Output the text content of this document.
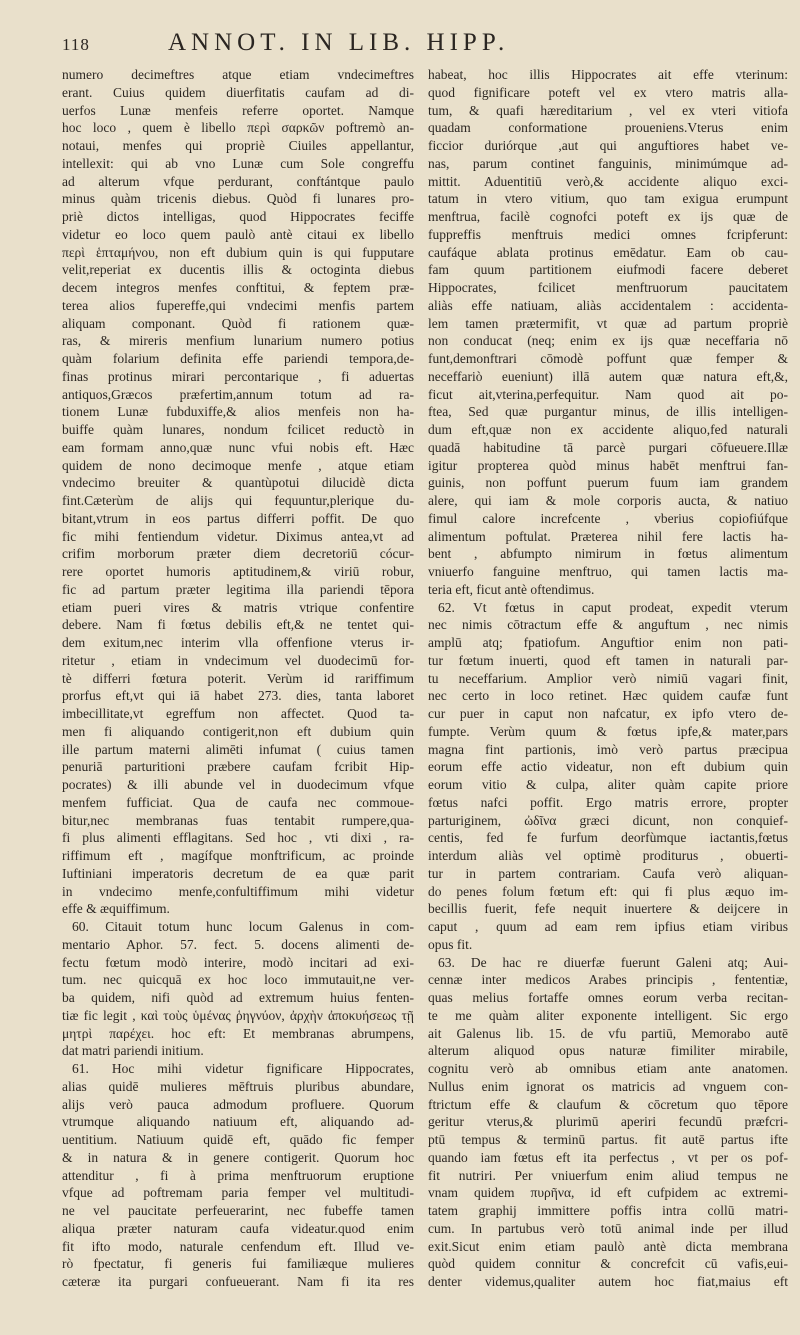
118	ANNOT. IN LIB. HIPP.
numero decimeftres atque etiam vndecimeftres
erant. Cuius quidem diuerfitatis caufam ad di-
uerfos Lunæ menfeis referre oportet. Namque
hoc loco , quem è libello περὶ σαρκῶν poftremò an-
notaui, menfes qui propriè Ciuiles appellantur,
intellexit: qui ab vno Lunæ cum Sole congreffu
ad alterum vfque perdurant, conftántque paulo
minus quàm tricenis diebus. Quòd fi lunares pro-
priè dictos intelligas, quod Hippocrates feciffe
videtur eo loco quem paulò antè citaui ex libello
περὶ ἑπταμήνου, non eft dubium quin is qui fupputare
velit,reperiat ex ducentis illis & octoginta diebus
decem integros menfes conftitui, & feptem præ-
terea alios fupereffe,qui vndecimi menfis partem
aliquam componant. Quòd fi rationem quæ-
ras, & mireris menfium lunarium numero potius
quàm folarium definita effe pariendi tempora,de-
finas protinus mirari percontarique , fi aduertas
antiquos,Græcos præfertim,annum totum ad ra-
tionem Lunæ fubduxiffe,& alios menfeis non ha-
buiffe quàm lunares, nondum fcilicet reductò in
eam formam anno,quæ nunc vfui nobis eft. Hæc
quidem de nono decimoque menfe , atque etiam
vndecimo breuiter & quantùpotui dilucidè dicta
fint.Cæterùm de alijs qui fequuntur,plerique du-
bitant,vtrum in eos partus differri poffit. De quo
fic mihi fentiendum videtur. Diximus antea,vt ad
crifim morborum præter diem decretoriū cócur-
rere oportet humoris aptitudinem,& viriū robur,
fic ad partum præter legitima illa pariendi tēpora
etiam pueri vires & matris vtrique confentire
debere. Nam fi fœtus debilis eft,& ne tentet qui-
dem exitum,nec interim vlla offenfione vterus ir-
ritetur , etiam in vndecimum vel duodecimū for-
tè differri fœtura poterit. Verùm id rariffimum
prorfus eft,vt qui iā habet 273. dies, tanta laboret
imbecillitate,vt egreffum non affectet. Quod ta-
men fi aliquando contigerit,non eft dubium quin
ille partum materni alimēti infumat ( cuius tamen
penuriā parturitioni præbere caufam fcribit Hip-
pocrates) & illi abunde vel in duodecimum vfque
menfem fufficiat. Qua de caufa nec commoue-
bitur,nec membranas fuas tentabit rumpere,qua-
fi plus alimenti efflagitans. Sed hoc , vti dixi , ra-
riffimum eft , magífque monftrificum, ac proinde
Iuftiniani imperatoris decretum de ea quæ parit
in vndecimo menfe,confultiffimum mihi videtur
effe & æquiffimum.
60. Citauit totum hunc locum Galenus in com-
mentario Aphor. 57. fect. 5. docens alimenti de-
fectu fœtum modò interire, modò incitari ad exi-
tum. nec quicquā ex hoc loco immutauit,ne ver-
ba quidem, nifi quòd ad extremum huius fenten-
tiæ fic legit , καὶ τοὺς ὑμένας ῥηγνύον, ἀρχὴν ἀποκυήσεως τῇ
μητρὶ παρέχει. hoc eft: Et membranas abrumpens,
dat matri pariendi initium.
61. Hoc mihi videtur fignificare Hippocrates,
alias quidē mulieres mēftruis pluribus abundare,
alijs verò pauca admodum profluere. Quorum
vtrumque aliquando natiuum eft, aliquando ad-
uentitium. Natiuum quidē eft, quādo fic femper
& in natura & in genere contigerit. Quorum hoc
attenditur , fi à prima menftruorum eruptione
vfque ad poftremam paria femper vel multitudi-
ne vel paucitate perfeuerarint, nec fubeffe tamen
aliqua præter naturam caufa videatur.quod enim
fit ifto modo, naturale cenfendum eft. Illud ve-
rò fpectatur, fi generis fui familiæque mulieres
cæteræ ita purgari confueuerant. Nam fi ita res
habeat, hoc illis Hippocrates ait effe vterinum:
quod fignificare poteft vel ex vtero matris alla-
tum, & quafi hæreditarium , vel ex vteri vitiofa
quadam conformatione proueniens.Vterus enim
ficcior duriórque ,aut qui anguftiores habet ve-
nas, parum continet fanguinis, minimúmque ad-
mittit. Aduentitiū verò,& accidente aliquo exci-
tatum in vtero vitium, quo tam exigua erumpunt
menftrua, facilè cognofci poteft ex ijs quæ de
fuppreffis menftruis medici omnes fcripferunt:
caufáque ablata protinus emēdatur. Eam ob cau-
fam quum partitionem eiufmodi facere deberet
Hippocrates, fcilicet menftruorum paucitatem
aliàs effe natiuam, aliàs accidentalem : accidenta-
lem tamen prætermifit, vt quæ ad partum propriè
non conducat (neq; enim ex ijs quæ neceffaria nō
funt,demonftrari cōmodè poffunt quæ femper &
neceffariò eueniunt) illā autem quæ natura eft,&,
ficut ait,vterina,perfequitur. Nam quod ait po-
ftea, Sed quæ purgantur minus, de illis intelligen-
dum eft,quæ non ex accidente aliquo,fed naturali
quadā habitudine tā parcè purgari cōfueuere.Illæ
igitur propterea quòd minus habēt menftrui fan-
guinis, non poffunt puerum fuum iam grandem
alere, qui iam & mole corporis aucta, & natiuo
fimul calore increfcente , vberius copiofiúfque
alimentum poftulat. Præterea nihil fere lactis ha-
bent , abfumpto nimirum in fœtus alimentum
vniuerfo fanguine menftruo, qui tamen lactis ma-
teria eft, ficut antè oftendimus.
62. Vt fœtus in caput prodeat, expedit vterum
nec nimis cōtractum effe & anguftum , nec nimis
amplū atq; fpatiofum. Anguftior enim non pati-
tur fœtum inuerti, quod eft tamen in naturali par-
tu neceffarium. Amplior verò nimiū vagari finit,
nec certo in loco retinet. Hæc quidem caufæ funt
cur puer in caput non nafcatur, ex ipfo vtero de-
fumpte. Verùm quum & fœtus ipfe,& mater,pars
magna fint partionis, imò verò partus præcipua
eorum effe actio videatur, non eft dubium quin
eorum vitio & culpa, aliter quàm capite priore
fœtus nafci poffit. Ergo matris errore, propter
parturiginem, ὠδῖνα græci dicunt, non conquief-
centis, fed fe furfum deorfùmque iactantis,fœtus
interdum aliàs vel optimè proditurus , obuerti-
tur in partem contrariam. Caufa verò aliquan-
do penes folum fœtum eft: qui fi plus æquo im-
becillis fuerit, fefe nequit inuertere & deijcere in
caput , quum ad eam rem ipfius etiam viribus
opus fit.
63. De hac re diuerfæ fuerunt Galeni atq; Aui-
cennæ inter medicos Arabes principis , fententiæ,
quas melius fortaffe omnes eorum verba recitan-
te me quàm aliter exponente intelligent. Sic ergo
ait Galenus lib. 15. de vfu partiū, Memorabo autē
alterum aliquod opus naturæ fimiliter mirabile,
cognitu verò ab omnibus etiam ante anatomen.
Nullus enim ignorat os matricis ad vnguem con-
ftrictum effe & claufum & cōcretum quo tēpore
geritur vterus,& plurimū aperiri fecundū præfcri-
ptū tempus & terminū partus. fit autē partus ifte
quando iam fœtus eft ita perfectus , vt per os pof-
fit nutriri. Per vniuerfum enim aliud tempus ne
vnam quidem πυρῆνα, id eft cufpidem ac extremi-
tatem graphij immittere poffis intra collū matri-
cum. In partubus verò totū animal inde per illud
exit.Sicut enim etiam paulò antè dicta membrana
quòd quidem connitur & concrefcit cū vafis,eui-
denter videmus,qualiter autem hoc fiat,maius eft
